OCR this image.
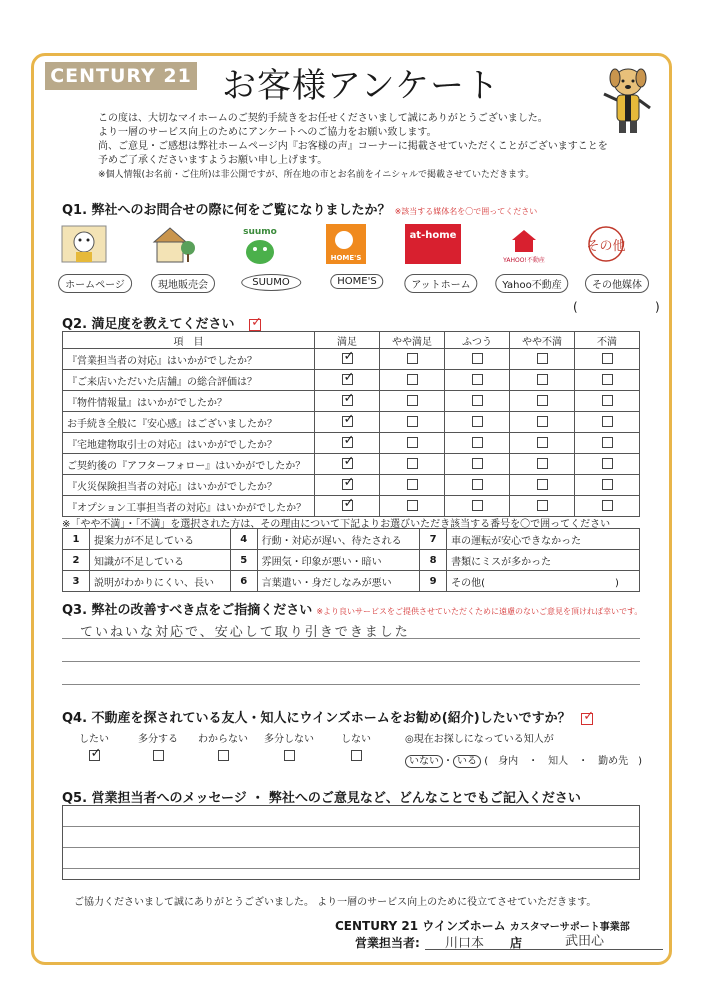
CENTURY 21 お客様アンケート
この度は、大切なマイホームのご契約手続きをお任せくださいまして誠にありがとうございました。
より一層のサービス向上のためにアンケートへのご協力をお願い致します。
尚、ご意見・ご感想は弊社ホームページ内『お客様の声』コーナーに掲載させていただくことがございますことを
予めご了承くださいますようお願い申し上げます。
※個人情報(お名前・ご住所)は非公開ですが、所在地の市とお名前をイニシャルで掲載させていただきます。
Q1. 弊社へのお問合せの際に何をご覧になりましたか？ ※該当する媒体名を〇で囲ってください
ホームページ	現地販売会
suumo
SUUMO
HOME'S
HOME'S
at-home
アットホーム
YAHOO!不動産
Yahoo不動産
その他
その他媒体
(	)
Q2. 満足度を教えてください ✓
項　目	満足	やや満足	ふつう	やや不満	不満
『営業担当者の対応』はいかがでしたか？	✓				

『ご来店いただいた店舗』の総合評価は？	✓				

『物件情報量』はいかがでしたか？	✓				

お手続き全般に『安心感』はございましたか？	✓				

『宅地建物取引士の対応』はいかがでしたか？	✓				

ご契約後の『アフターフォロー』はいかがでしたか？	✓				

『火災保険担当者の対応』はいかがでしたか？	✓				

『オプション工事担当者の対応』はいかがでしたか？	✓				

※「やや不満」・「不満」を選択された方は、その理由について下記よりお選びいただき該当する番号を〇で囲ってください
1	提案力が不足している	4	行動・対応が遅い、待たされる	7	車の運転が安心できなかった
2	知識が不足している	5	雰囲気・印象が悪い・暗い	8	書類にミスが多かった
3	説明がわかりにくい、長い	6	言葉遣い・身だしなみが悪い	9	その他(　　　　　　　　　　　　　)
Q3. 弊社の改善すべき点をご指摘ください ※より良いサービスをご提供させていただくために遠慮のないご意見を頂ければ幸いです。
ていねいな対応で、安心して取り引きできました
Q4. 不動産を探されている友人・知人にウインズホームをお勧め(紹介)したいですか？ ✓
したい
✓
多分する	わからない	多分しない	しない	◎現在お探しになっている知人が
いない ・ いる (　身内　・　知人　・　勤め先　)
Q5. 営業担当者へのメッセージ ・ 弊社へのご意見など、どんなことでもご記入ください
ご協力くださいまして誠にありがとうございました。 より一層のサービス向上のために役立てさせていただきます。
CENTURY 21 ウインズホーム カスタマーサポート事業部
営業担当者: 川口本 店	武田心
